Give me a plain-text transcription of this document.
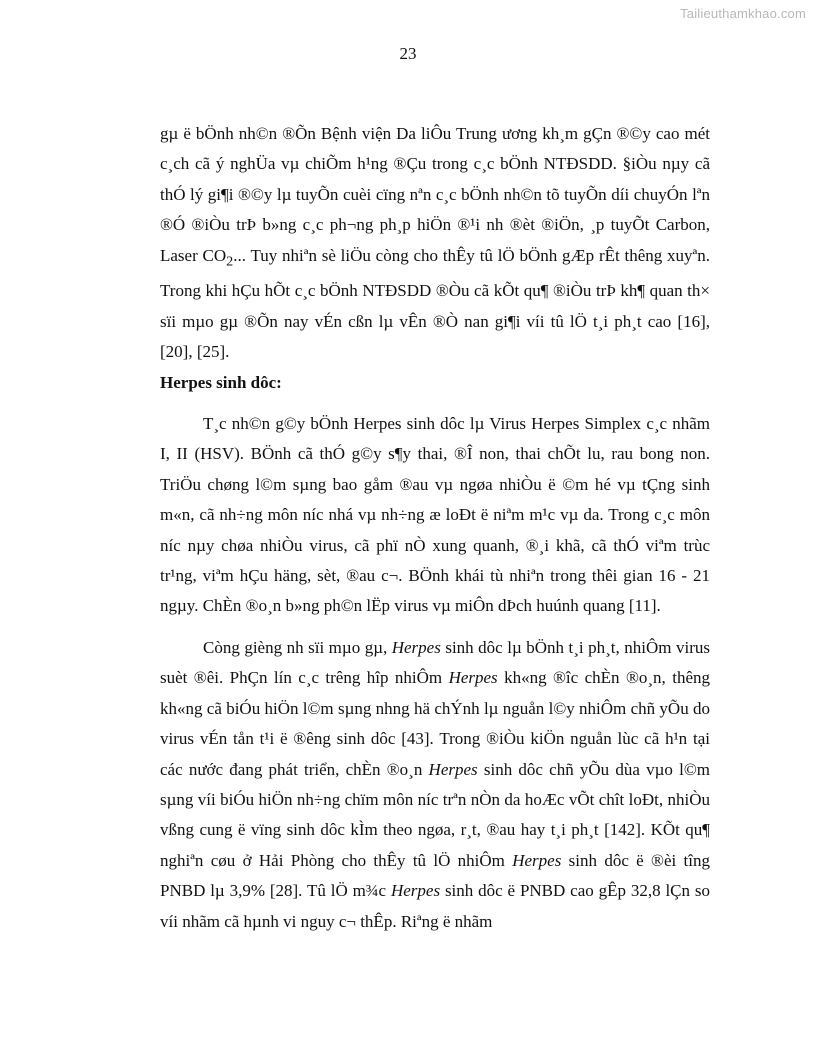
Tailieuthamkhao.com
23

gµ ë bÖnh nh©n ®Õn Bệnh viện Da liÔu Trung ương kh¸m gÇn ®©y cao mét c¸ch cã ý nghÜa vµ chiÕm h¹ng ®Çu trong c¸c bÖnh NTĐSDD. §iÒu nµy cã thÓ lý gi¶i ®©y lµ tuyÕn cuèi cïng nªn c¸c bÖnh nh©n tõ tuyÕn díi chuyÓn lªn ®Ó ®iÒu trÞ b»ng c¸c ph¬ng ph¸p hiÖn ®¹i nh ®èt ®iÖn, ¸p tuyÕt Carbon, Laser $CO_2$... Tuy nhiªn sè liÖu còng cho thÊy tû lÖ bÖnh gÆp rÊt thêng xuyªn. Trong khi hÇu hÕt c¸c bÖnh NTĐSDD ®Òu cã kÕt qu¶ ®iÒu trÞ kh¶ quan th× sïi mµo gµ ®Õn nay vÉn cßn lµ vÊn ®Ò nan gi¶i víi tû lÖ t¸i ph¸t cao [16], [20], [25].

Herpes sinh dôc:

T¸c nh©n g©y bÖnh Herpes sinh dôc lµ Virus Herpes Simplex c¸c nhãm I, II (HSV). BÖnh cã thÓ g©y s¶y thai, ®Î non, thai chÕt lu, rau bong non. TriÖu chøng l©m sµng bao gåm ®au vµ ngøa nhiÒu ë ©m hé vµ tÇng sinh m«n, cã nh÷ng môn níc nhá vµ nh÷ng æ loÐt ë niªm m¹c vµ da. Trong c¸c môn níc nµy chøa nhiÒu virus, cã phï nÒ xung quanh, ®¸i khã, cã thÓ viªm trùc tr¹ng, viªm hÇu häng, sèt, ®au c¬. BÖnh khái tù nhiªn trong thêi gian 16 - 21 ngµy. ChÈn ®o¸n b»ng ph©n lËp virus vµ miÔn dÞch huúnh quang [11].

Còng gièng nh sïi mµo gµ, Herpes sinh dôc lµ bÖnh t¸i ph¸t, nhiÔm virus suèt ®êi. PhÇn lín c¸c trêng hîp nhiÔm Herpes kh«ng ®îc chÈn ®o¸n, thêng kh«ng cã biÓu hiÖn l©m sµng nhng hä chÝnh lµ nguån l©y nhiÔm chñ yÕu do virus vÉn tån t¹i ë ®êng sinh dôc [43]. Trong ®iÒu kiÖn nguån lùc cã h¹n tại các nước đang phát triển, chÈn ®o¸n Herpes sinh dôc chñ yÕu dùa vµo l©m sµng víi biÓu hiÖn nh÷ng chïm môn níc trªn nÒn da hoÆc vÕt chît loÐt, nhiÒu vßng cung ë vïng sinh dôc kÌm theo ngøa, r¸t, ®au hay t¸i ph¸t [142]. KÕt qu¶ nghiªn cøu ở Hải Phòng cho thÊy tû lÖ nhiÔm Herpes sinh dôc ë ®èi tîng PNBD lµ 3,9% [28]. Tû lÖ m¾c Herpes sinh dôc ë PNBD cao gÊp 32,8 lÇn so víi nhãm cã hµnh vi nguy c¬ thÊp. Riªng ë nhãm
